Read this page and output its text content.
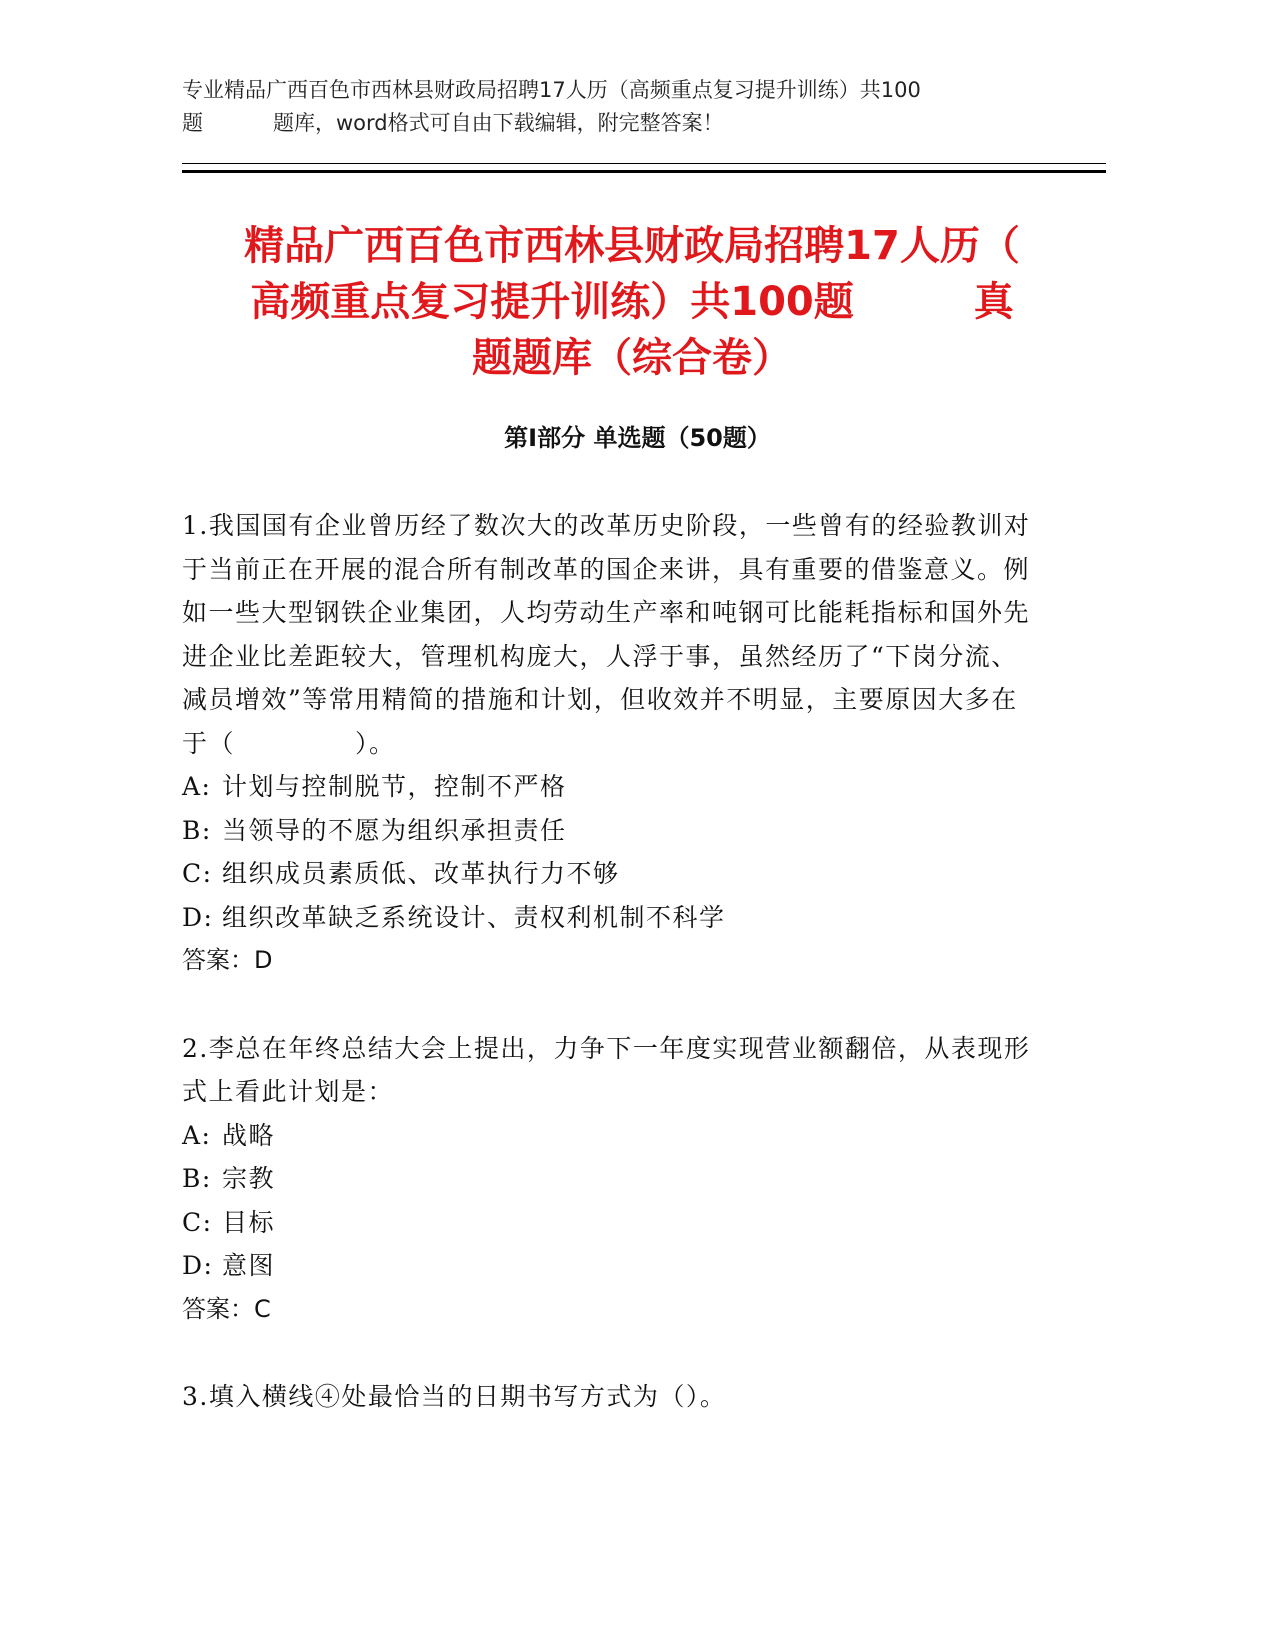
专业精品广西百色市西林县财政局招聘17人历（高频重点复习提升训练）共100
题	题库，word格式可自由下载编辑，附完整答案！
精品广西百色市西林县财政局招聘17人历（
高频重点复习提升训练）共100题	真
题题库（综合卷）
第Ⅰ部分 单选题（50题）
1.我国国有企业曾历经了数次大的改革历史阶段，一些曾有的经验教训对于当前正在开展的混合所有制改革的国企来讲，具有重要的借鉴意义。例如一些大型钢铁企业集团，人均劳动生产率和吨钢可比能耗指标和国外先进企业比差距较大，管理机构庞大，人浮于事，虽然经历了“下岗分流、减员增效”等常用精简的措施和计划，但收效并不明显，主要原因大多在于（	）。
A: 计划与控制脱节，控制不严格
B: 当领导的不愿为组织承担责任
C: 组织成员素质低、改革执行力不够
D: 组织改革缺乏系统设计、责权利机制不科学
答案：D
2.李总在年终总结大会上提出，力争下一年度实现营业额翻倍，从表现形式上看此计划是：
A: 战略
B: 宗教
C: 目标
D: 意图
答案：C
3.填入横线④处最恰当的日期书写方式为（）。
